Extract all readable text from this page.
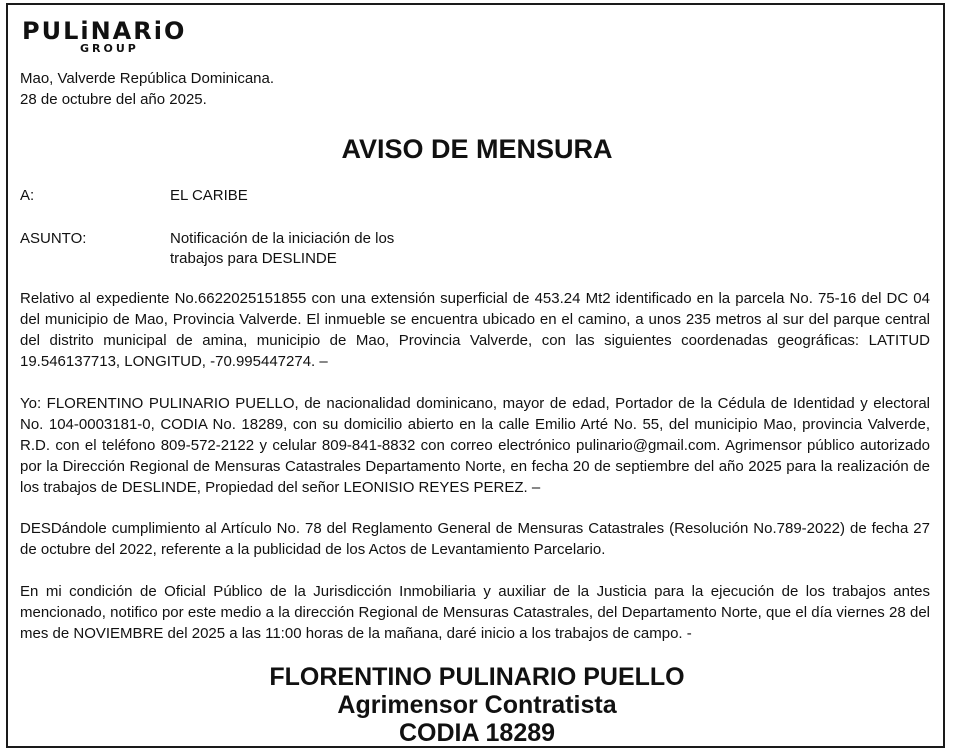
PULiNARiO
GROUP
Mao, Valverde República Dominicana.
28 de octubre del año 2025.
AVISO DE MENSURA
A:	EL CARIBE
ASUNTO:	Notificación de la iniciación de los
trabajos para DESLINDE
Relativo al expediente No.6622025151855 con una extensión superficial de 453.24 Mt2 identificado en la parcela No. 75-16 del DC 04 del municipio de Mao, Provincia Valverde. El inmueble se encuentra ubicado en el camino, a unos 235 metros al sur del parque central del distrito municipal de amina, municipio de Mao, Provincia Valverde, con las siguientes coordenadas geográficas: LATITUD 19.546137713, LONGITUD, -70.995447274. –
Yo: FLORENTINO PULINARIO PUELLO, de nacionalidad dominicano, mayor de edad, Portador de la Cédula de Identidad y electoral No. 104-0003181-0, CODIA No. 18289, con su domicilio abierto en la calle Emilio Arté No. 55, del municipio Mao, provincia Valverde, R.D. con el teléfono 809-572-2122 y celular 809-841-8832 con correo electrónico pulinario@gmail.com. Agrimensor público autorizado por la Dirección Regional de Mensuras Catastrales Departamento Norte, en fecha 20 de septiembre del año 2025 para la realización de los trabajos de DESLINDE, Propiedad del señor LEONISIO REYES PEREZ. –
DESDándole cumplimiento al Artículo No. 78 del Reglamento General de Mensuras Catastrales (Resolución No.789-2022) de fecha 27 de octubre del 2022, referente a la publicidad de los Actos de Levantamiento Parcelario.
En mi condición de Oficial Público de la Jurisdicción Inmobiliaria y auxiliar de la Justicia para la ejecución de los trabajos antes mencionado, notifico por este medio a la dirección Regional de Mensuras Catastrales, del Departamento Norte, que el día viernes 28 del mes de NOVIEMBRE del 2025 a las 11:00 horas de la mañana, daré inicio a los trabajos de campo. -
FLORENTINO PULINARIO PUELLO
Agrimensor Contratista
CODIA 18289
